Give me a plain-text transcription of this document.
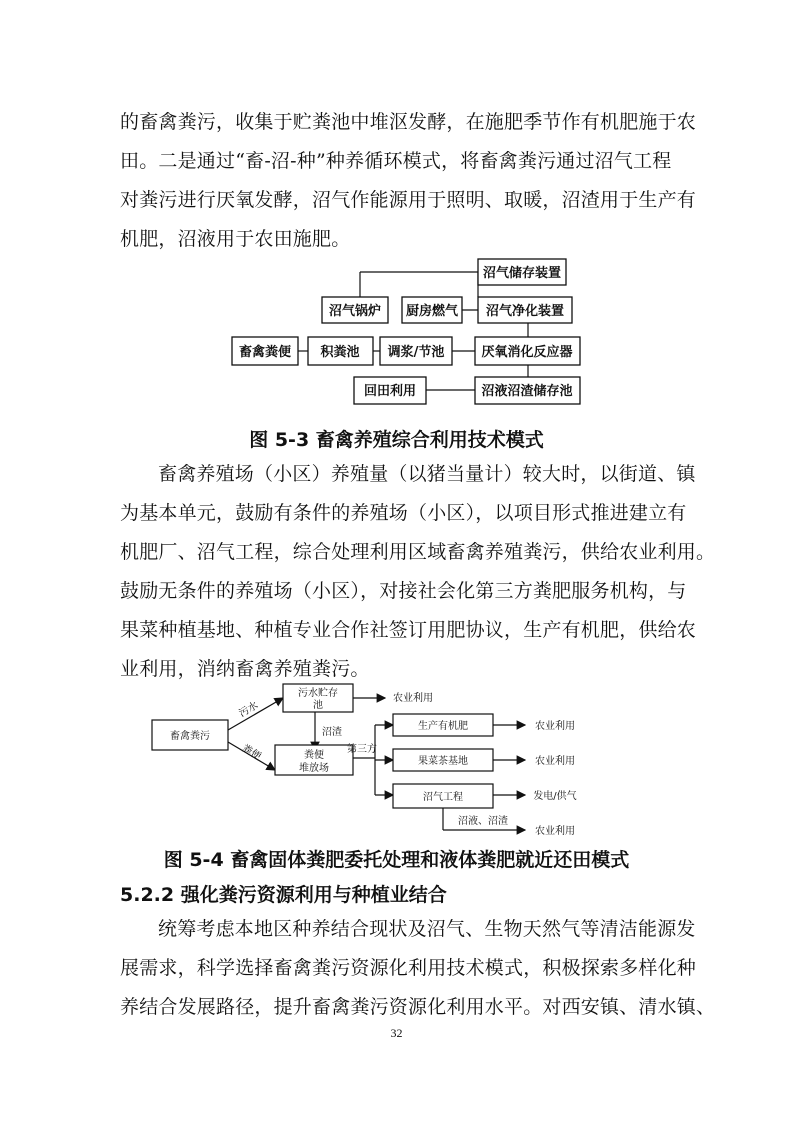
的畜禽粪污，收集于贮粪池中堆沤发酵，在施肥季节作有机肥施于农
田。二是通过“畜-沼-种”种养循环模式，将畜禽粪污通过沼气工程
对粪污进行厌氧发酵，沼气作能源用于照明、取暖，沼渣用于生产有
机肥，沼液用于农田施肥。
沼气储存装置
沼气锅炉 厨房燃气 沼气净化装置
畜禽粪便 积粪池 调浆/节池	厌氧消化反应器
回田利用	沼液沼渣储存池
图 5-3 畜禽养殖综合利用技术模式
畜禽养殖场（小区）养殖量（以猪当量计）较大时，以街道、镇
为基本单元，鼓励有条件的养殖场（小区），以项目形式推进建立有
机肥厂、沼气工程，综合处理利用区域畜禽养殖粪污，供给农业利用。
鼓励无条件的养殖场（小区），对接社会化第三方粪肥服务机构，与
果菜种植基地、种植专业合作社签订用肥协议，生产有机肥，供给农
业利用，消纳畜禽养殖粪污。
畜禽粪污
污水贮存
池
粪便
堆放场
生产有机肥
果菜茶基地
沼气工程
污水
粪便
沼渣
第三方
农业利用
农业利用
农业利用
发电/供气
沼液、沼渣
农业利用
图 5-4 畜禽固体粪肥委托处理和液体粪肥就近还田模式
5.2.2 强化粪污资源利用与种植业结合
统筹考虑本地区种养结合现状及沼气、生物天然气等清洁能源发
展需求，科学选择畜禽粪污资源化利用技术模式，积极探索多样化种
养结合发展路径，提升畜禽粪污资源化利用水平。对西安镇、清水镇、
32
